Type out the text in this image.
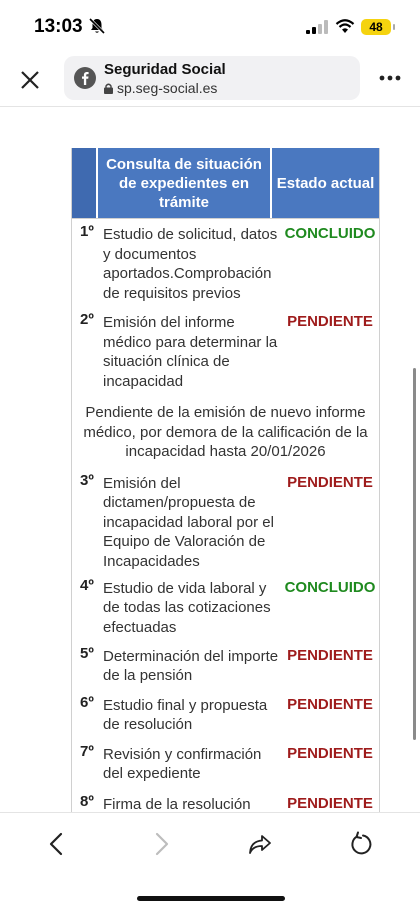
13:03	48
Seguridad Social
sp.seg-social.es
Consulta de situación de expedientes en trámite
Estado actual
1º Estudio de solicitud, datos y documentos aportados.Comprobación de requisitos previos
CONCLUIDO
2º Emisión del informe médico para determinar la situación clínica de incapacidad
PENDIENTE
Pendiente de la emisión de nuevo informe médico, por demora de la calificación de la incapacidad hasta 20/01/2026
3º Emisión del dictamen/propuesta de incapacidad laboral por el Equipo de Valoración de Incapacidades
PENDIENTE
4º Estudio de vida laboral y de todas las cotizaciones efectuadas
CONCLUIDO
5º Determinación del importe de la pensión
PENDIENTE
6º Estudio final y propuesta de resolución
PENDIENTE
7º Revisión y confirmación del expediente
PENDIENTE
8º Firma de la resolución	PENDIENTE
